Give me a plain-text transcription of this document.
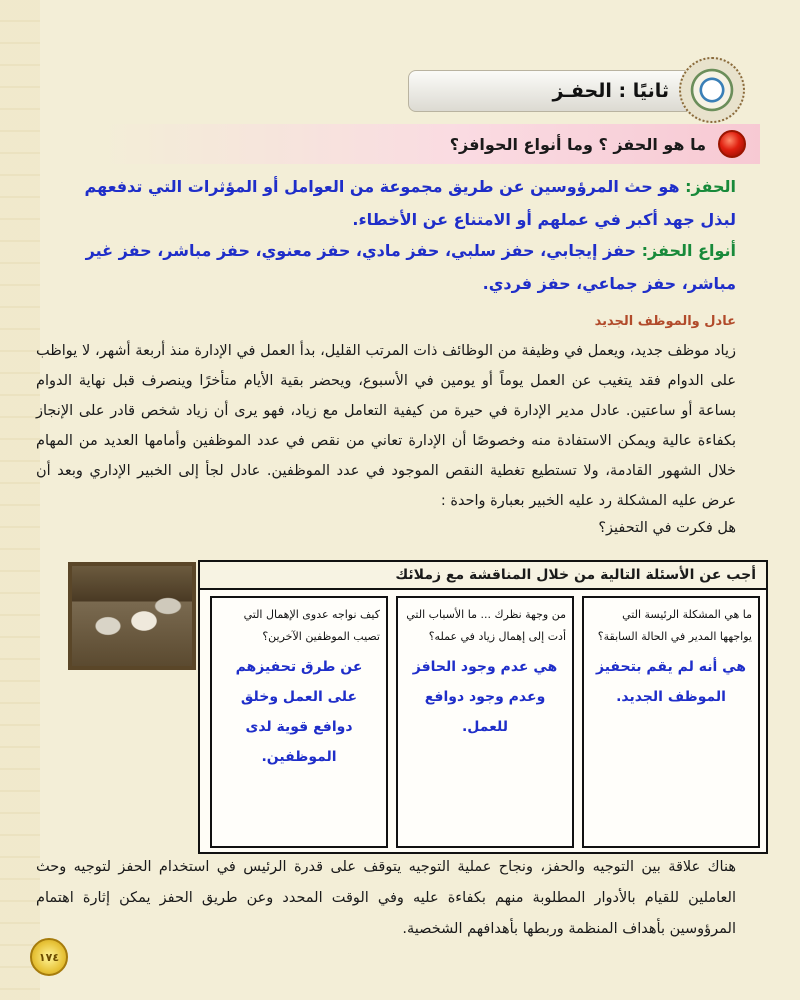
ثانيًا : الحفـز
ما هو الحفز ؟ وما أنواع الحوافز؟
الحفز: هو حث المرؤوسين عن طريق مجموعة من العوامل أو المؤثرات التي تدفعهم لبذل جهد أكبر في عملهم أو الامتناع عن الأخطاء.
أنواع الحفز: حفز إيجابي، حفز سلبي، حفز مادي، حفز معنوي، حفز مباشر، حفز غير مباشر، حفز جماعي، حفز فردي.
عادل والموظف الجديد
زياد موظف جديد، ويعمل في وظيفة من الوظائف ذات المرتب القليل، بدأ العمل في الإدارة منذ أربعة أشهر، لا يواظب على الدوام فقد يتغيب عن العمل يوماً أو يومين في الأسبوع، ويحضر بقية الأيام متأخرًا وينصرف قبل نهاية الدوام بساعة أو ساعتين. عادل مدير الإدارة في حيرة من كيفية التعامل مع زياد، فهو يرى أن زياد شخص قادر على الإنجاز بكفاءة عالية ويمكن الاستفادة منه وخصوصًا أن الإدارة تعاني من نقص في عدد الموظفين وأمامها العديد من المهام خلال الشهور القادمة، ولا تستطيع تغطية النقص الموجود في عدد الموظفين. عادل لجأ إلى الخبير الإداري وبعد أن عرض عليه المشكلة رد عليه الخبير بعبارة واحدة :
هل فكرت في التحفيز؟
أجب عن الأسئلة التالية من خلال المناقشة مع زملائك
ما هي المشكلة الرئيسة التي يواجهها المدير في الحالة السابقة؟
هي أنه لم يقم بتحفيز الموظف الجديد.
من وجهة نظرك ... ما الأسباب التي أدت إلى إهمال زياد في عمله؟
هي عدم وجود الحافز وعدم وجود دوافع للعمل.
كيف نواجه عدوى الإهمال التي تصيب الموظفين الآخرين؟
عن طرق تحفيزهم على العمل وخلق دوافع قوية لدى الموظفين.
هناك علاقة بين التوجيه والحفز، ونجاح عملية التوجيه يتوقف على قدرة الرئيس في استخدام الحفز لتوجيه وحث العاملين للقيام بالأدوار المطلوبة منهم بكفاءة عليه وفي الوقت المحدد وعن طريق الحفز يمكن إثارة اهتمام المرؤوسين بأهداف المنظمة وربطها بأهدافهم الشخصية.
١٧٤
